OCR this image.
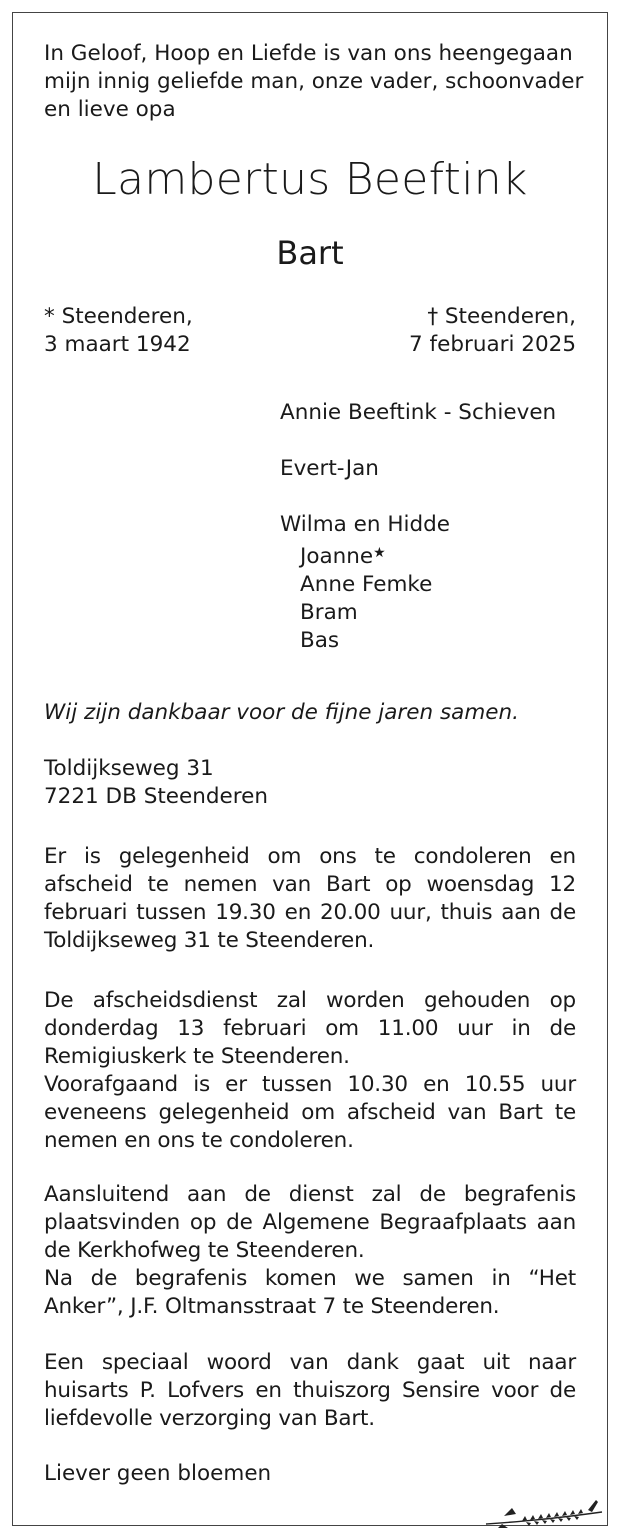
In Geloof, Hoop en Liefde is van ons heengegaan
mijn innig geliefde man, onze vader, schoonvader
en lieve opa
Lambertus Beeftink
Bart
* Steenderen,
3 maart 1942
† Steenderen,
7 februari 2025
Annie Beeftink - Schieven
Evert-Jan
Wilma en Hidde
Joanne★
Anne Femke
Bram
Bas
Wij zijn dankbaar voor de fijne jaren samen.
Toldijkseweg 31
7221 DB Steenderen
Er is gelegenheid om ons te condoleren en afscheid te nemen van Bart op woensdag 12 februari tussen 19.30 en 20.00 uur, thuis aan de Toldijkseweg 31 te Steenderen.
De afscheidsdienst zal worden gehouden op donderdag 13 februari om 11.00 uur in de Remigiuskerk te Steenderen.
Voorafgaand is er tussen 10.30 en 10.55 uur eveneens gelegenheid om afscheid van Bart te nemen en ons te condoleren.
Aansluitend aan de dienst zal de begrafenis plaatsvinden op de Algemene Begraafplaats aan de Kerkhofweg te Steenderen.
Na de begrafenis komen we samen in “Het Anker”, J.F. Oltmansstraat 7 te Steenderen.
Een speciaal woord van dank gaat uit naar huisarts P. Lofvers en thuiszorg Sensire voor de liefdevolle verzorging van Bart.
Liever geen bloemen
